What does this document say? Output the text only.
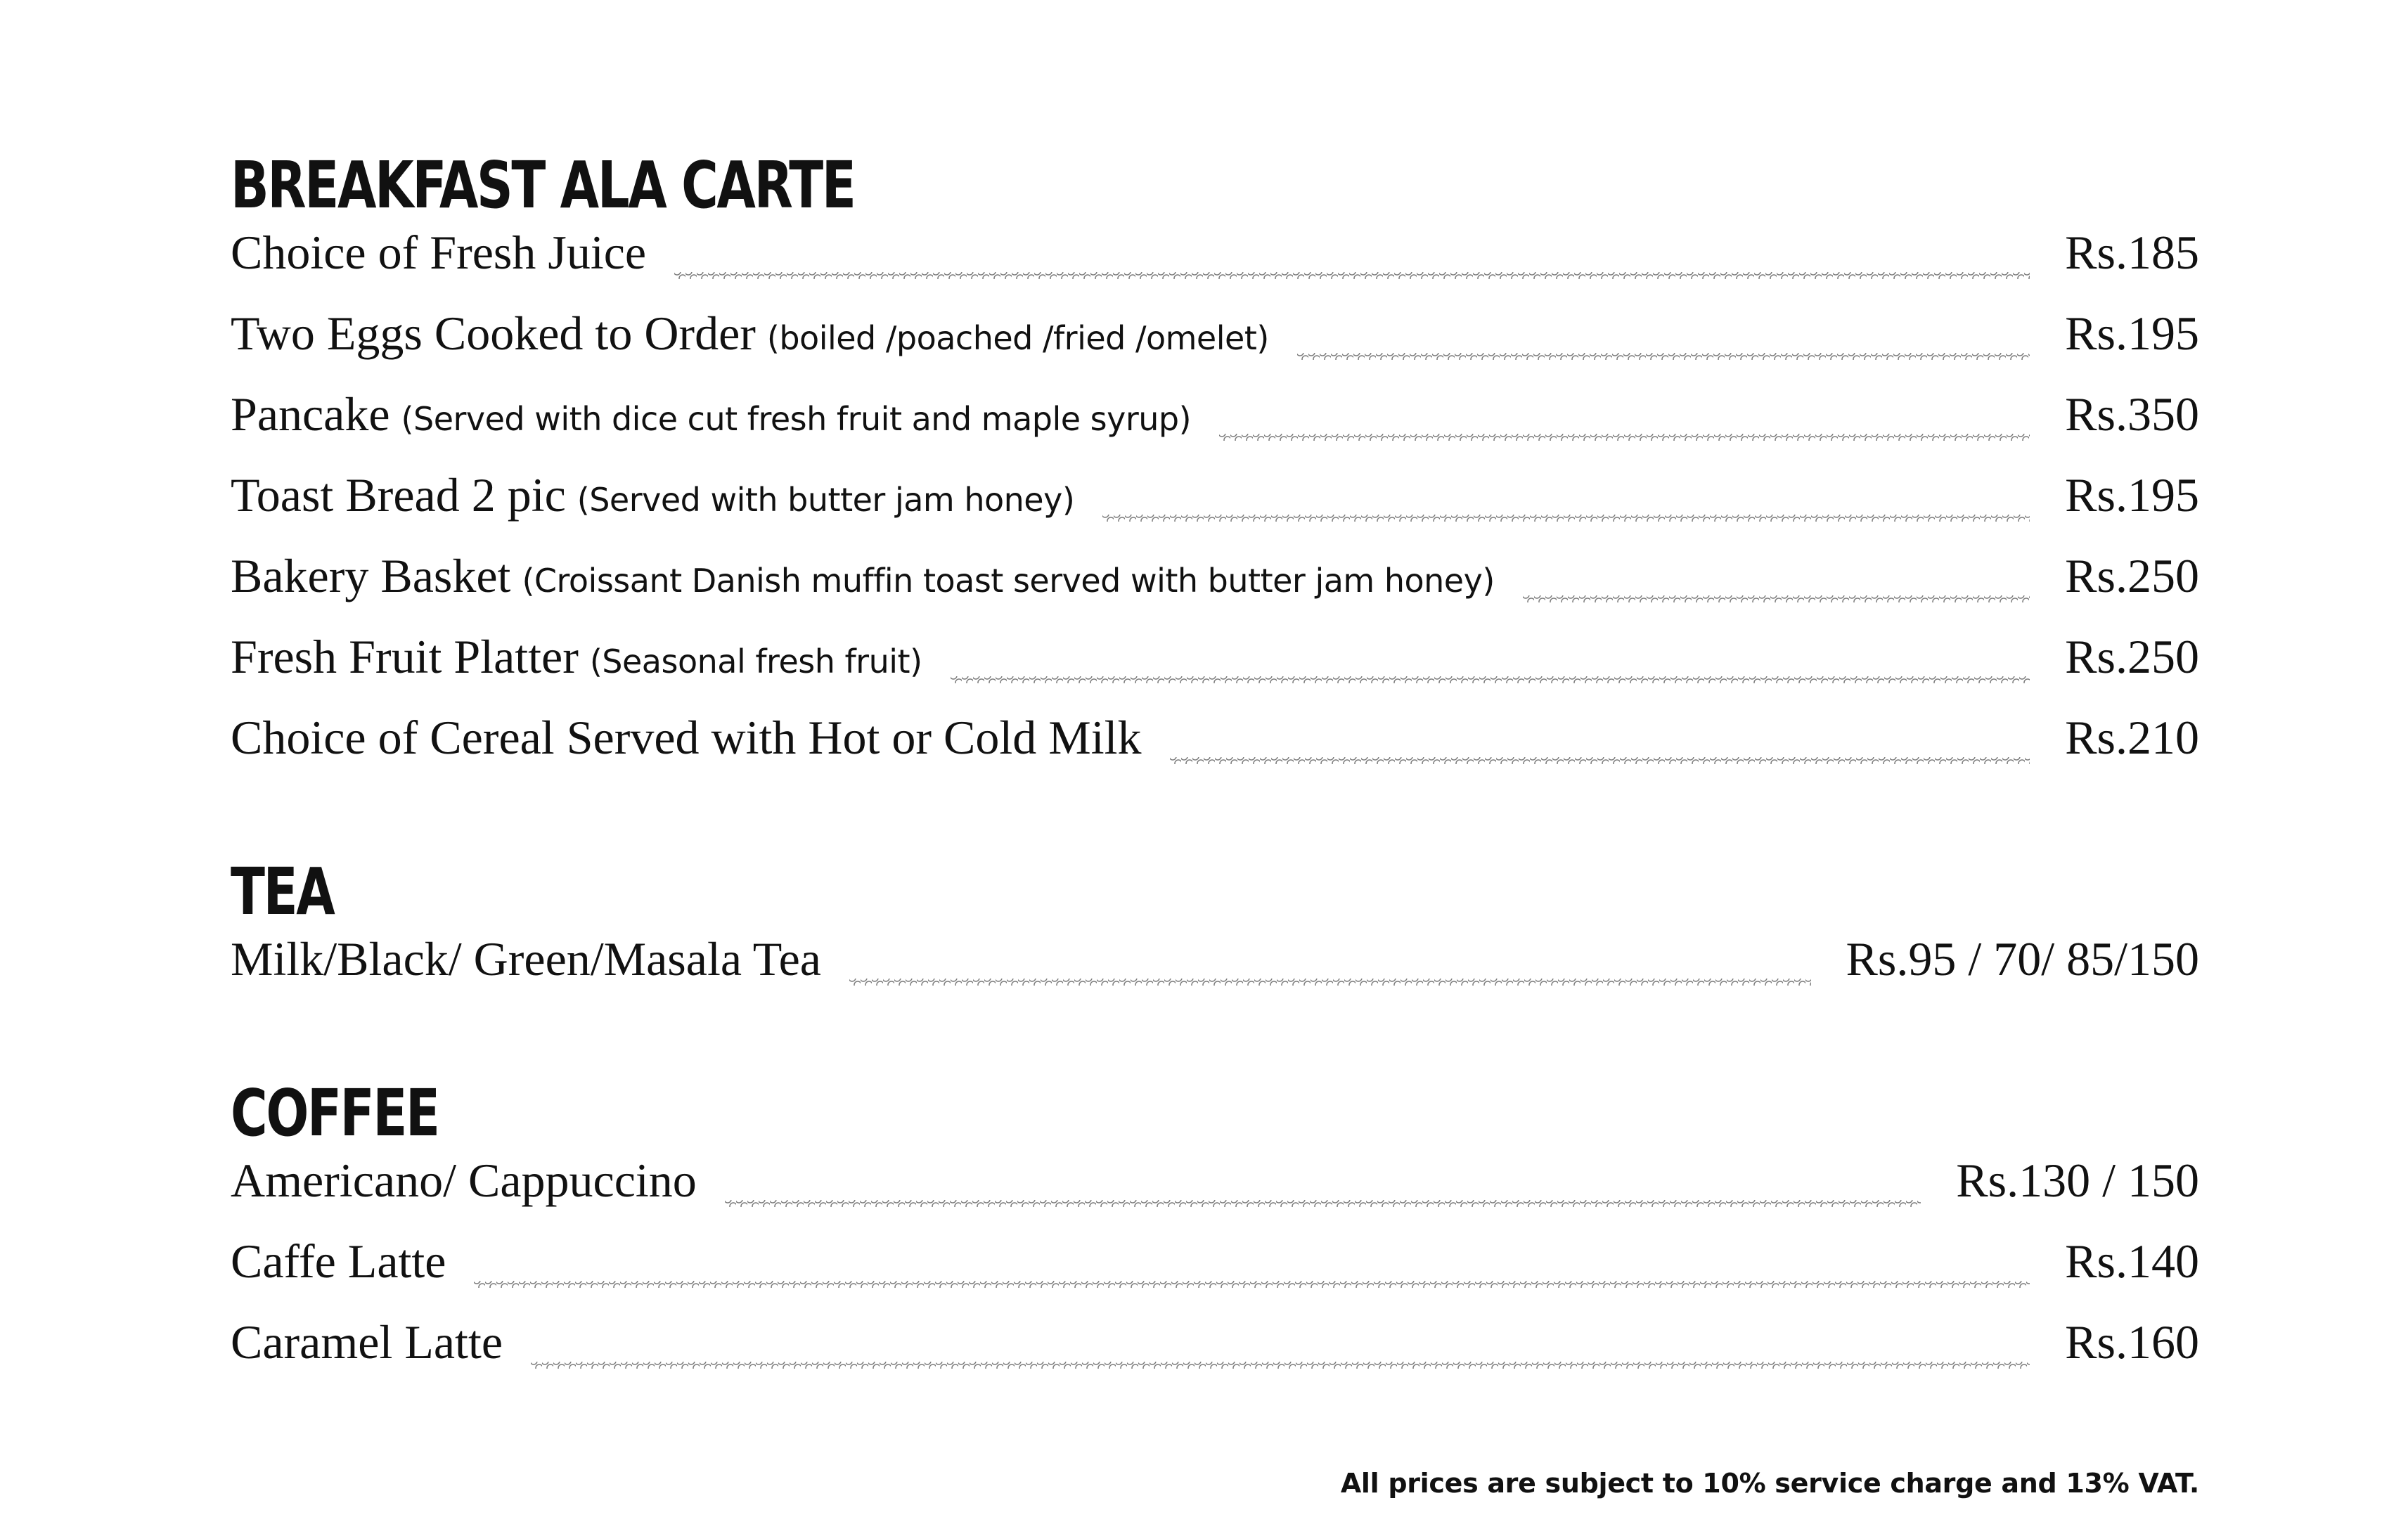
BREAKFAST ALA CARTE
Choice of Fresh Juice	Rs.185
Two Eggs Cooked to Order (boiled /poached /fried /omelet)	Rs.195
Pancake (Served with dice cut fresh fruit and maple syrup)	Rs.350
Toast Bread 2 pic (Served with butter jam honey)	Rs.195
Bakery Basket (Croissant Danish muffin toast served with butter jam honey)	Rs.250
Fresh Fruit Platter (Seasonal fresh fruit)	Rs.250
Choice of Cereal Served with Hot or Cold Milk	Rs.210
TEA
Milk/Black/ Green/Masala Tea	Rs.95 / 70/ 85/150
COFFEE
Americano/ Cappuccino	Rs.130 / 150
Caffe Latte	Rs.140
Caramel Latte	Rs.160
All prices are subject to 10% service charge and 13% VAT.
